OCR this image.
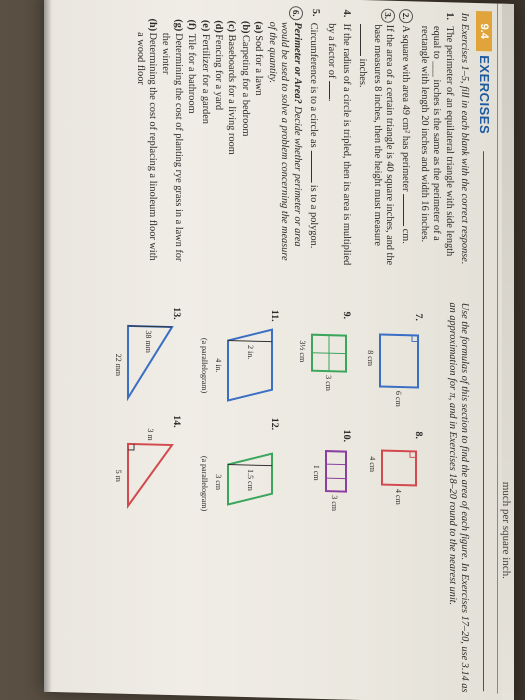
much per square inch.
9.4
EXERCISES

In Exercises 1–5, fill in each blank with the correct response.

1.
The perimeter of an equilateral triangle with side length equal to ___ inches is the same as the perimeter of a rectangle with length 20 inches and width 16 inches.
2.
A square with area 49 cm² has perimeter  cm.
3.
If the area of a certain triangle is 40 square inches, and the base measures 8 inches, then the height must measure  inches.
4.
If the radius of a circle is tripled, then its area is multiplied by a factor of .
5.
Circumference is to a circle as  is to a polygon.
6.
Perimeter or Area? Decide whether perimeter or area would be used to solve a problem concerning the measure of the quantity.
(a)
Sod for a lawn
(b)
Carpeting for a bedroom
(c)
Baseboards for a living room
(d)
Fencing for a yard
(e)
Fertilizer for a garden
(f)
Tile for a bathroom
(g)
Determining the cost of planting rye grass in a lawn for the winter
(h)
Determining the cost of replacing a linoleum floor with a wood floor

Use the formulas of this section to find the area of each figure. In Exercises 17–20, use 3.14 as an approximation for π, and in Exercises 18–20 round to the nearest unit.

7.
8 cm
6 cm
8.
4 cm
4 cm
9.
3½ cm
3 cm
10.
1 cm
3 cm
11.
2 in.
4 in.
(a parallelogram)
12.
1.5 cm
3 cm
(a parallelogram)
13.
38 mm
22 mm
14.
3 m
5 m
